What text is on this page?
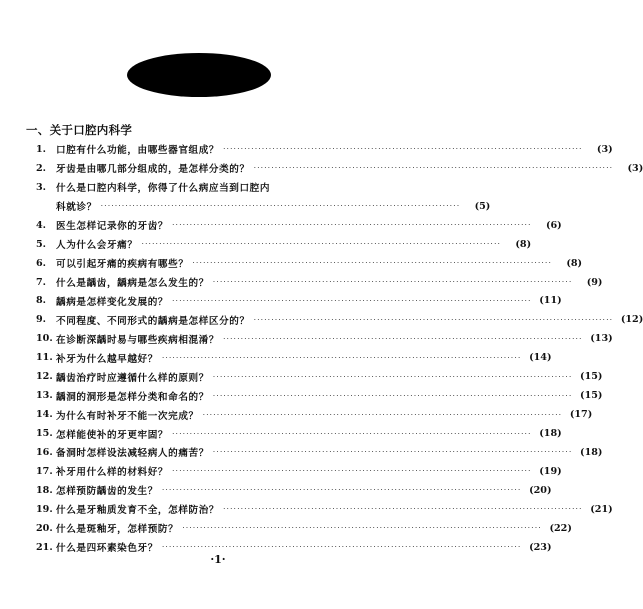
一、关于口腔内科学
1.	口腔有什么功能，由哪些器官组成？ ·····	(3)
2.	牙齿是由哪几部分组成的，是怎样分类的？ ·····	(3)
3.	什么是口腔内科学，你得了什么病应当到口腔内
科就诊？ ·····	(5)
4.	医生怎样记录你的牙齿？ ·····	(6)
5.	人为什么会牙痛？ ·····	(8)
6.	可以引起牙痛的疾病有哪些？ ·····	(8)
7.	什么是龋齿，龋病是怎么发生的？ ·····	(9)
8.	龋病是怎样变化发展的？ ·····	(11)
9.	不同程度、不同形式的龋病是怎样区分的？ ·····	(12)
10. 在诊断深龋时易与哪些疾病相混淆？ ·····	(13)
11. 补牙为什么越早越好？ ·····	(14)
12. 龋齿治疗时应遵循什么样的原则？ ·····	(15)
13. 龋洞的洞形是怎样分类和命名的？ ·····	(15)
14. 为什么有时补牙不能一次完成？ ·····	(17)
15. 怎样能使补的牙更牢固？ ·····	(18)
16. 备洞时怎样设法减轻病人的痛苦？ ·····	(18)
17. 补牙用什么样的材料好？ ·····	(19)
18. 怎样预防龋齿的发生？ ·····	(20)
19. 什么是牙釉质发育不全，怎样防治？ ·····	(21)
20. 什么是斑釉牙，怎样预防？ ·····	(22)
21. 什么是四环素染色牙？ ·····	(23)
·1·
